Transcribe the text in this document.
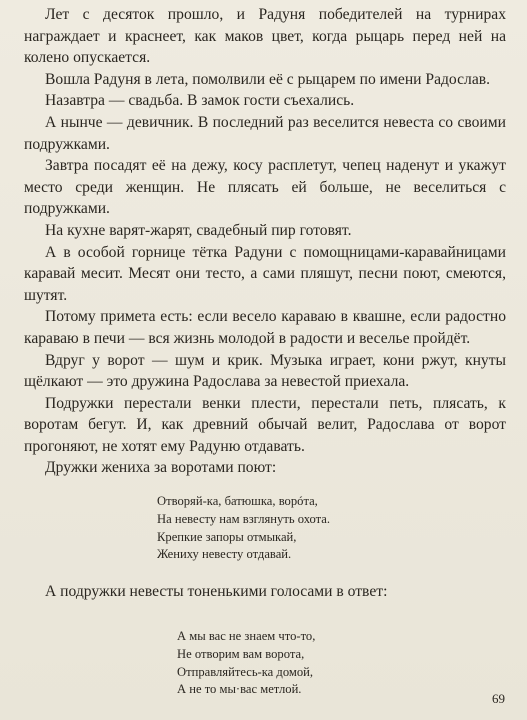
Лет с десяток прошло, и Радуня победителей на турнирах награждает и краснеет, как маков цвет, когда рыцарь перед ней на колено опускается.

Вошла Радуня в лета, помолвили её с рыцарем по имени Радослав.

Назавтра — свадьба. В замок гости съехались.

А нынче — девичник. В последний раз веселится невеста со своими подружками.

Завтра посадят её на дежу, косу расплетут, чепец наденут и укажут место среди женщин. Не плясать ей больше, не веселиться с подружками.

На кухне варят-жарят, свадебный пир готовят.

А в особой горнице тётка Радуни с помощницами-каравайницами каравай месит. Месят они тесто, а сами пляшут, песни поют, смеются, шутят.

Потому примета есть: если весело караваю в квашне, если радостно караваю в печи — вся жизнь молодой в радости и веселье пройдёт.

Вдруг у ворот — шум и крик. Музыка играет, кони ржут, кнуты щёлкают — это дружина Радослава за невестой приехала.

Подружки перестали венки плести, перестали петь, плясать, к воротам бегут. И, как древний обычай велит, Радослава от ворот прогоняют, не хотят ему Радуню отдавать.

Дружки жениха за воротами поют:

Отворяй-ка, батюшка, ворóта,
На невесту нам взглянуть охота.
Крепкие запоры отмыкай,
Жениху невесту отдавай.
А подружки невесты тоненькими голосами в ответ:
А мы вас не знаем что-то,
Не отворим вам ворота,
Отправляйтесь-ка домой,
А не то мы·вас метлой.
69
